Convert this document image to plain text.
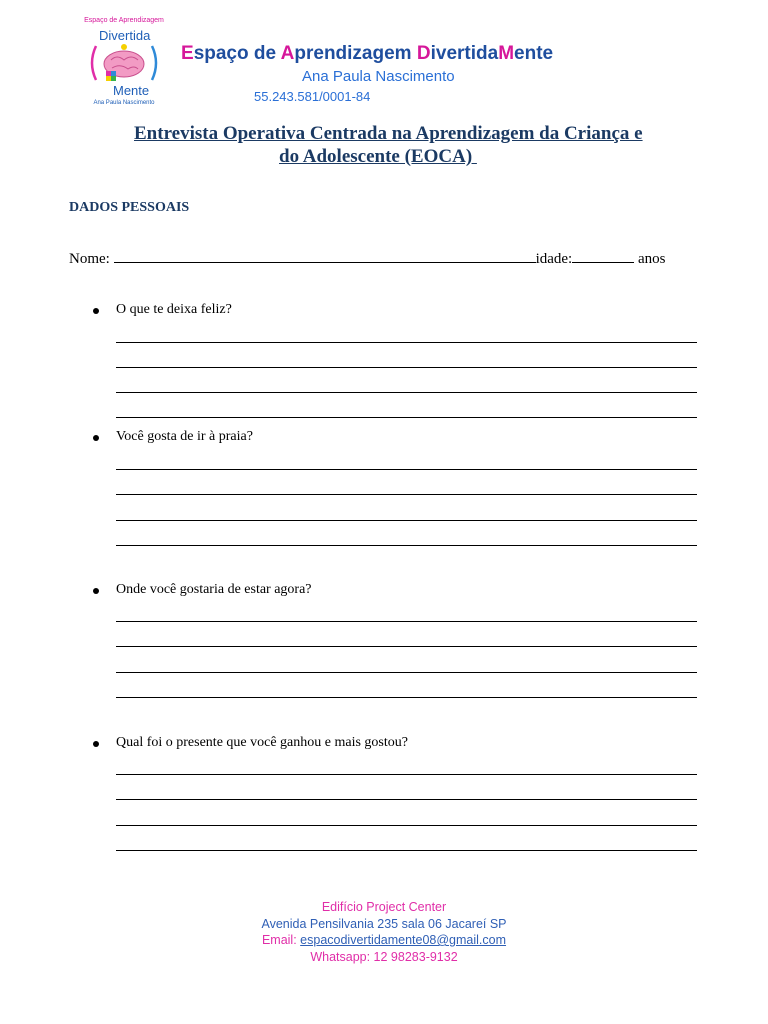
Espaço de Aprendizagem
Divertida
Mente
Ana Paula Nascimento
Espaço de Aprendizagem DivertidaMente
Ana Paula Nascimento
55.243.581/0001-84
Entrevista Operativa Centrada na Aprendizagem da Criança e
do Adolescente (EOCA)
DADOS PESSOAIS
Nome:	idade:	anos
O que te deixa feliz?
Você gosta de ir à praia?
Onde você gostaria de estar agora?
Qual foi o presente que você ganhou e mais gostou?
Edifício Project Center
Avenida Pensilvania 235 sala 06 Jacareí SP
Email: espacodivertidamente08@gmail.com
Whatsapp: 12 98283-9132
